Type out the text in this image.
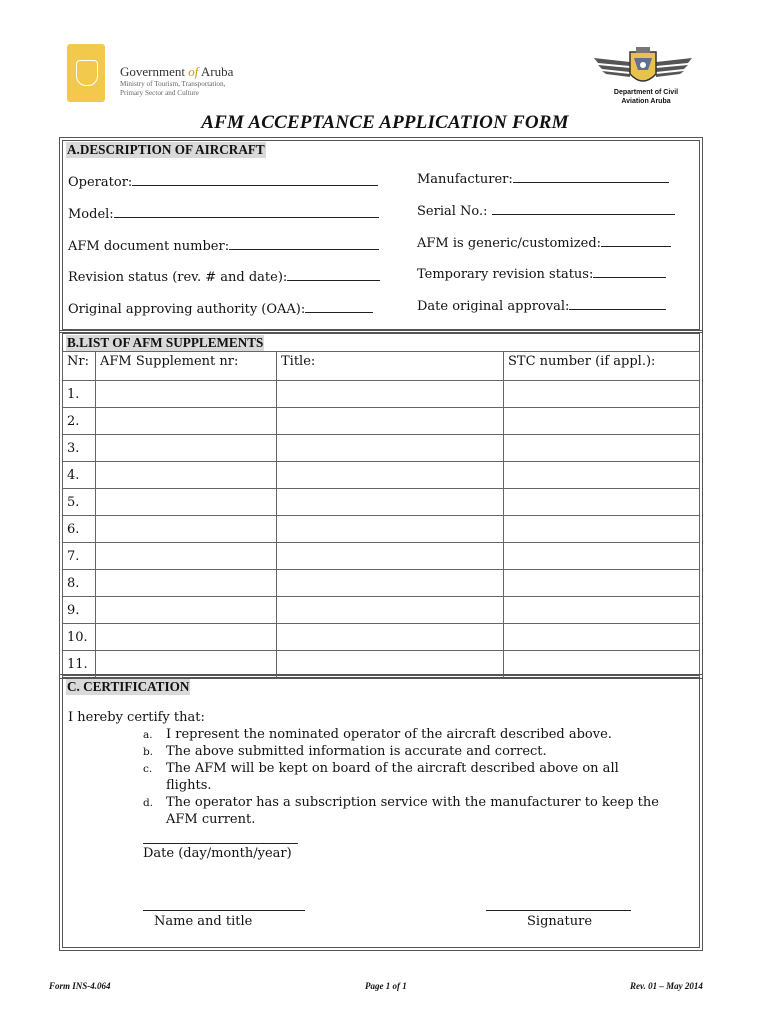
Government of Aruba
Ministry of Tourism, Transportation,
Primary Sector and Culture	Department of Civil
Aviation Aruba
AFM ACCEPTANCE APPLICATION FORM
A.DESCRIPTION OF AIRCRAFT
Operator:	Manufacturer:
Model:	Serial No.:
AFM document number:	AFM is generic/customized:
Revision status (rev. # and date):	Temporary revision status:
Original approving authority (OAA):	Date original approval:
B.LIST OF AFM SUPPLEMENTS
Nr:	AFM Supplement nr:	Title:	STC number (if appl.):
1.			
2.			
3.			
4.			
5.			
6.			
7.			
8.			
9.			
10.			
11.			
C. CERTIFICATION
I hereby certify that:
a. I represent the nominated operator of the aircraft described above.
b. The above submitted information is accurate and correct.
c. The AFM will be kept on board of the aircraft described above on all flights.
d. The operator has a subscription service with the manufacturer to keep the AFM current.
Date (day/month/year)
Name and title	Signature
Form INS-4.064	Page 1 of 1	Rev. 01 – May 2014
